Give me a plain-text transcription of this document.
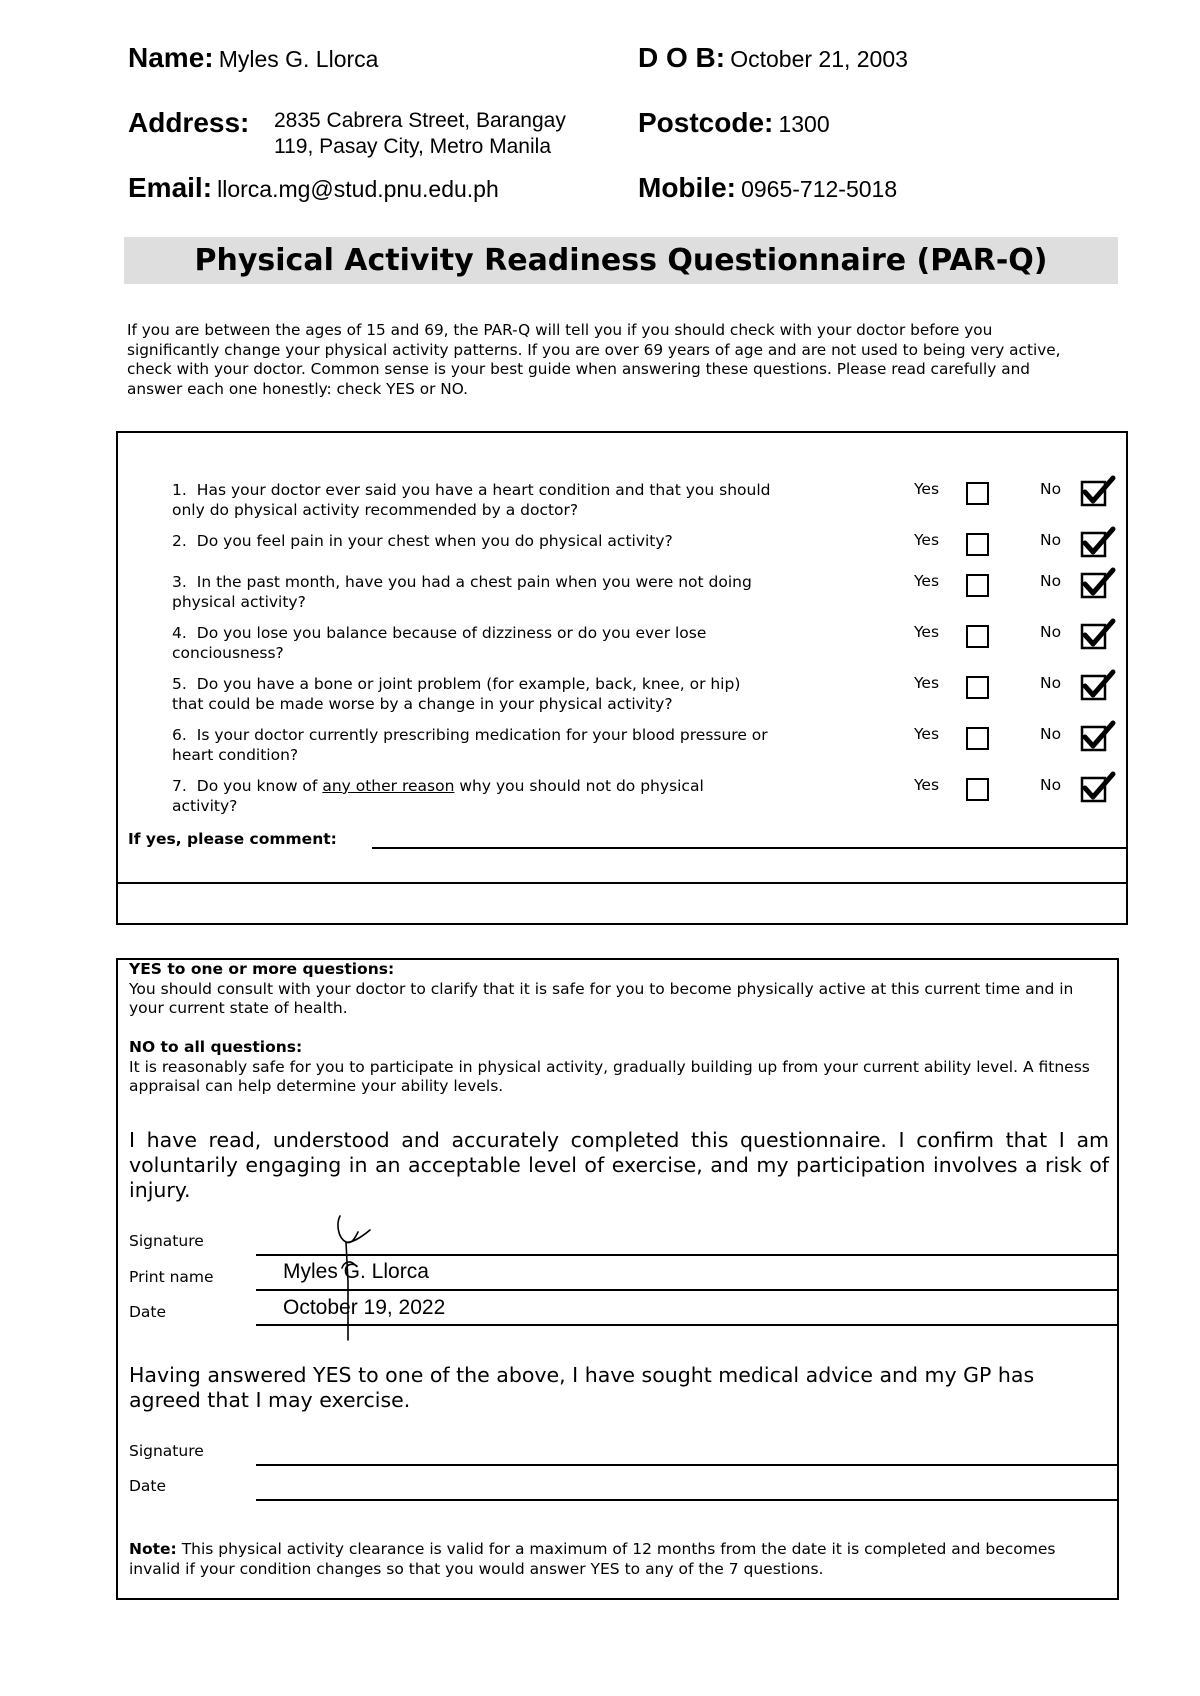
Name: Myles G. Llorca	D O B: October 21, 2003
Address: 2835 Cabrera Street, Barangay
119, Pasay City, Metro Manila
Postcode: 1300
Email: llorca.mg@stud.pnu.edu.ph	Mobile: 0965-712-5018
Physical Activity Readiness Questionnaire (PAR-Q)
If you are between the ages of 15 and 69, the PAR-Q will tell you if you should check with your doctor before you significantly change your physical activity patterns. If you are over 69 years of age and are not used to being very active, check with your doctor. Common sense is your best guide when answering these questions. Please read carefully and answer each one honestly: check YES or NO.
1. Has your doctor ever said you have a heart condition and that you should only do physical activity recommended by a doctor?
Yes	No
2. Do you feel pain in your chest when you do physical activity?	Yes	No
3. In the past month, have you had a chest pain when you were not doing physical activity?
Yes	No
4. Do you lose you balance because of dizziness or do you ever lose conciousness?
Yes	No
5. Do you have a bone or joint problem (for example, back, knee, or hip) that could be made worse by a change in your physical activity?
Yes	No
6. Is your doctor currently prescribing medication for your blood pressure or heart condition?
Yes	No
7. Do you know of any other reason why you should not do physical activity?
Yes	No
If yes, please comment:
YES to one or more questions:
You should consult with your doctor to clarify that it is safe for you to become physically active at this current time and in your current state of health.
NO to all questions:
It is reasonably safe for you to participate in physical activity, gradually building up from your current ability level. A fitness appraisal can help determine your ability levels.
I have read, understood and accurately completed this questionnaire. I confirm that I am voluntarily engaging in an acceptable level of exercise, and my participation involves a risk of injury.
Signature
Print name	Myles G. Llorca
Date	October 19, 2022
Having answered YES to one of the above, I have sought medical advice and my GP has agreed that I may exercise.
Signature
Date
Note: This physical activity clearance is valid for a maximum of 12 months from the date it is completed and becomes invalid if your condition changes so that you would answer YES to any of the 7 questions.
